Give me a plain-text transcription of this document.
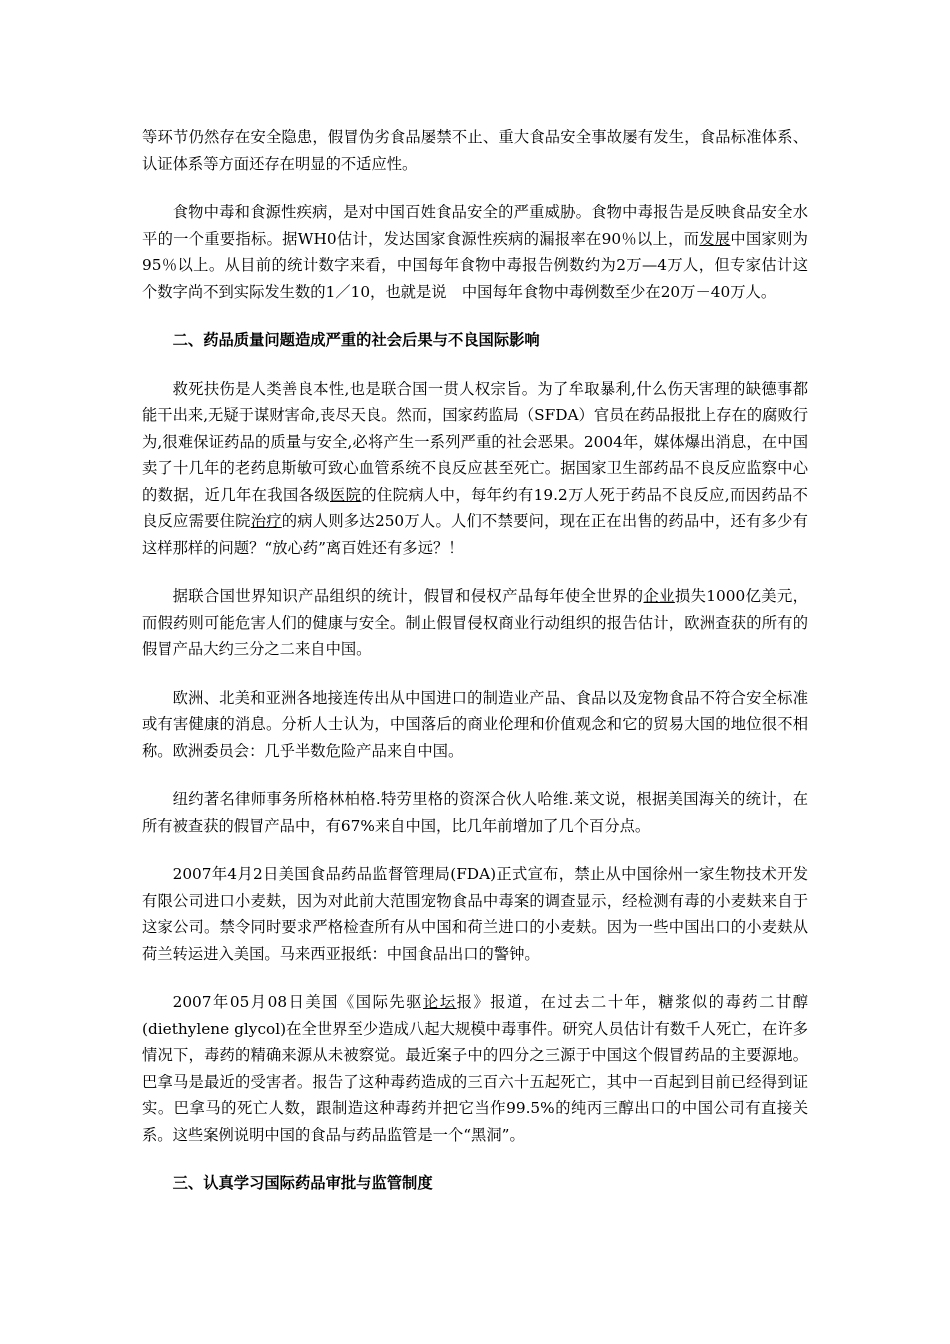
等环节仍然存在安全隐患，假冒伪劣食品屡禁不止、重大食品安全事故屡有发生，食品标准体系、认证体系等方面还存在明显的不适应性。

食物中毒和食源性疾病，是对中国百姓食品安全的严重威胁。食物中毒报告是反映食品安全水平的一个重要指标。据WH0估计，发达国家食源性疾病的漏报率在90％以上，而发展中国家则为95％以上。从目前的统计数字来看，中国每年食物中毒报告例数约为2万—4万人，但专家估计这个数字尚不到实际发生数的1／10，也就是说　中国每年食物中毒例数至少在20万－40万人。

二、药品质量问题造成严重的社会后果与不良国际影响

救死扶伤是人类善良本性,也是联合国一贯人权宗旨。为了牟取暴利,什么伤天害理的缺德事都能干出来,无疑于谋财害命,丧尽天良。然而，国家药监局（SFDA）官员在药品报批上存在的腐败行为,很难保证药品的质量与安全,必将产生一系列严重的社会恶果。2004年，媒体爆出消息，在中国卖了十几年的老药息斯敏可致心血管系统不良反应甚至死亡。据国家卫生部药品不良反应监察中心的数据，近几年在我国各级医院的住院病人中，每年约有19.2万人死于药品不良反应,而因药品不良反应需要住院治疗的病人则多达250万人。人们不禁要问，现在正在出售的药品中，还有多少有这样那样的问题？“放心药”离百姓还有多远？！

据联合国世界知识产品组织的统计，假冒和侵权产品每年使全世界的企业损失1000亿美元，而假药则可能危害人们的健康与安全。制止假冒侵权商业行动组织的报告估计，欧洲查获的所有的假冒产品大约三分之二来自中国。

欧洲、北美和亚洲各地接连传出从中国进口的制造业产品、食品以及宠物食品不符合安全标准或有害健康的消息。分析人士认为，中国落后的商业伦理和价值观念和它的贸易大国的地位很不相称。欧洲委员会：几乎半数危险产品来自中国。

纽约著名律师事务所格林柏格.特劳里格的资深合伙人哈维.莱文说，根据美国海关的统计，在所有被查获的假冒产品中，有67%来自中国，比几年前增加了几个百分点。

2007年4月2日美国食品药品监督管理局(FDA)正式宣布，禁止从中国徐州一家生物技术开发有限公司进口小麦麸，因为对此前大范围宠物食品中毒案的调查显示，经检测有毒的小麦麸来自于这家公司。禁令同时要求严格检查所有从中国和荷兰进口的小麦麸。因为一些中国出口的小麦麸从荷兰转运进入美国。马来西亚报纸：中国食品出口的警钟。

2007年05月08日美国《国际先驱论坛报》报道，在过去二十年，糖浆似的毒药二甘醇(diethylene glycol)在全世界至少造成八起大规模中毒事件。研究人员估计有数千人死亡，在许多情况下，毒药的精确来源从未被察觉。最近案子中的四分之三源于中国这个假冒药品的主要源地。巴拿马是最近的受害者。报告了这种毒药造成的三百六十五起死亡，其中一百起到目前已经得到证实。巴拿马的死亡人数，跟制造这种毒药并把它当作99.5%的纯丙三醇出口的中国公司有直接关系。这些案例说明中国的食品与药品监管是一个“黑洞”。

三、认真学习国际药品审批与监管制度
